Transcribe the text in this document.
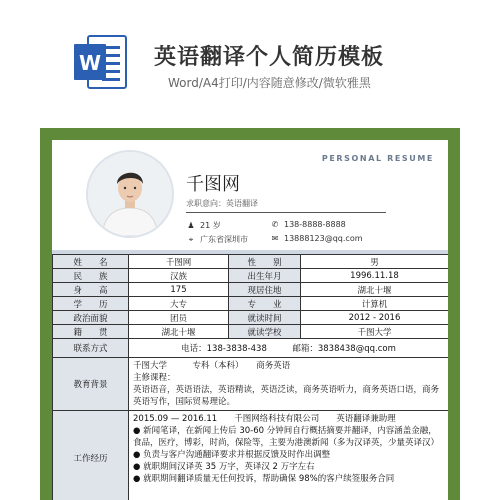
W 英语翻译个人简历模板
Word/A4打印/内容随意修改/微软雅黑
PERSONAL RESUME
千图网
求职意向：英语翻译
♟ 21 岁	✆ 138-8888-8888
⌖ 广东省深圳市	✉ 13888123@qq.com
姓　　名	千图网	性　　别	男
民　　族	汉族	出生年月	1996.11.18
身　　高	175	现居住地	湖北十堰
学　　历	大专	专　　业	计算机
政治面貌	团员	就读时间	2012 - 2016
籍　　贯	湖北十堰	就读学校	千图大学
联系方式	电话：138-3838-438　　　邮箱：3838438@qq.com		
教育背景	千图大学　　　专科（本科）　　商务英语
主修课程：
英语语音，英语语法，英语精读，英语泛读，商务英语听力，商务英语口语，商务英语写作，国际贸易理论。		

工作经历	2015.09 — 2016.11　　千图网络科技有限公司　　英语翻译兼助理
● 新闻笔译，在新闻上传后 30-60 分钟间自行概括摘要并翻译，内容涵盖金融，食品，医疗，博彩，时尚，保险等，主要为港澳新闻（多为汉译英，少量英译汉）
● 负责与客户沟通翻译要求并根据反馈及时作出调整
● 就职期间汉译英 35 万字，英译汉 2 万字左右
● 就职期间翻译质量无任何投诉，帮助确保 98%的客户续签服务合同		
